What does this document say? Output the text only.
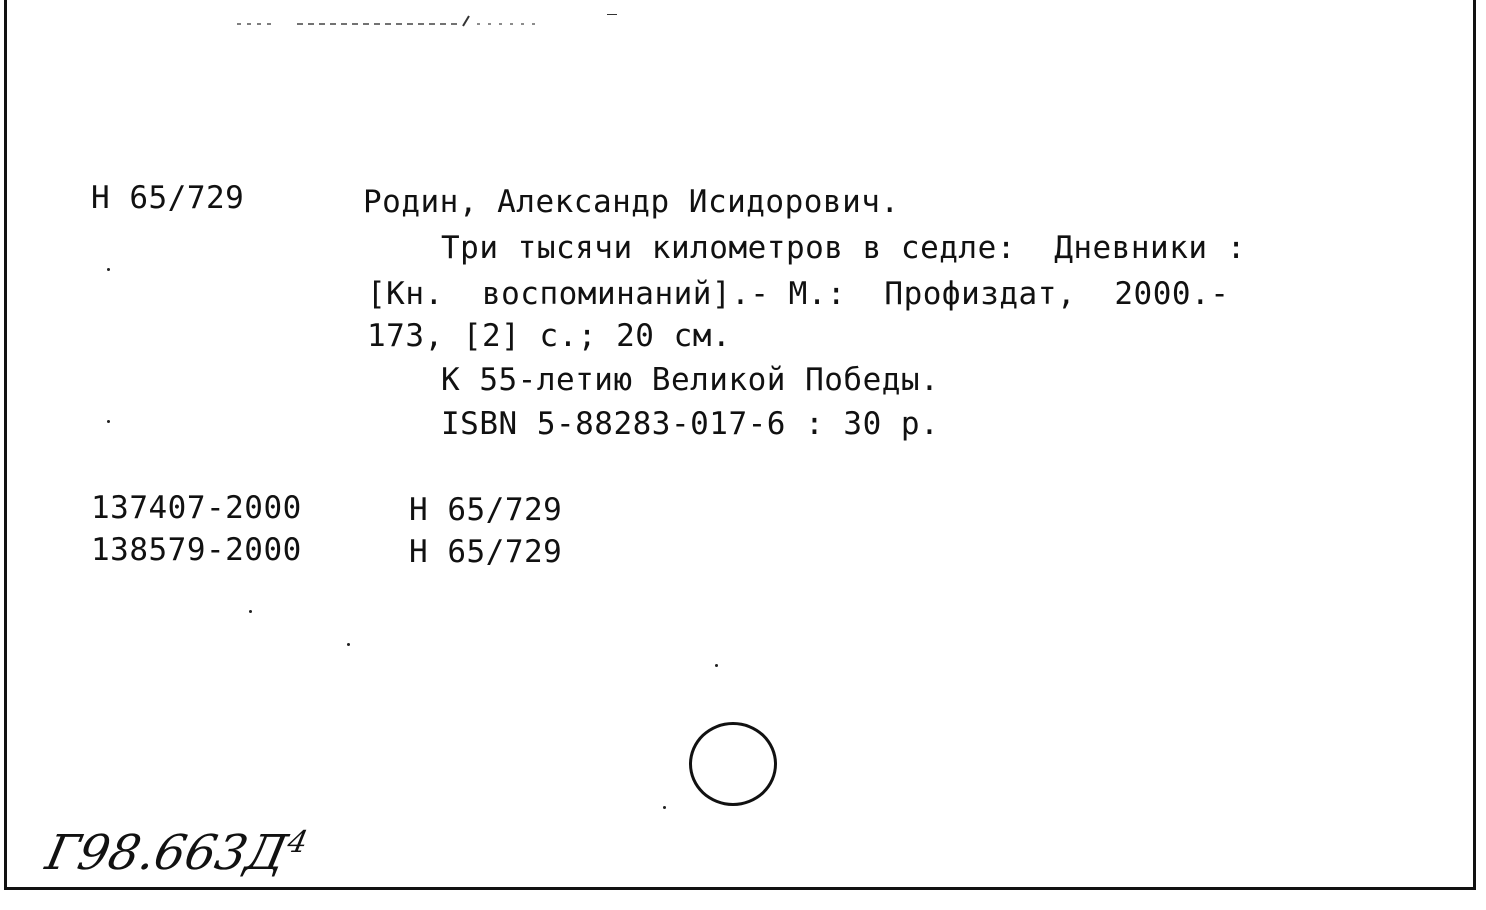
Н 65/729	Родин, Александр Исидорович.
Три тысячи километров в седле:  Дневники :
[Кн.  воспоминаний].- М.:  Профиздат,  2000.-
173, [2] с.; 20 см.
К 55-летию Великой Победы.
ISBN 5-88283-017-6 : 30 р.
137407-2000	Н 65/729
138579-2000	Н 65/729
$Г98.663Д^4$
